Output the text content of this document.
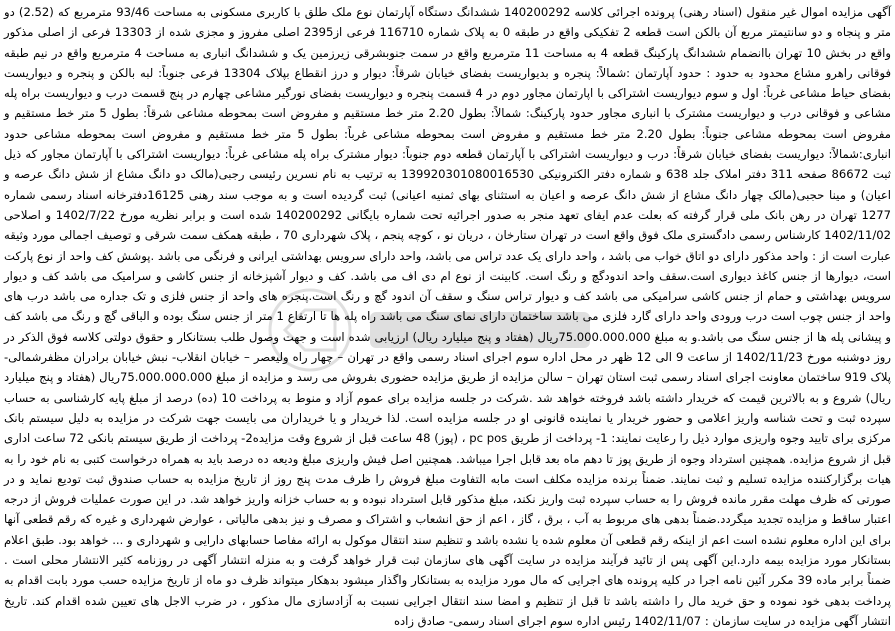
آگهی مزایده اموال غیر منقول (اسناد رهنی) پرونده اجرائی کلاسه 140200292 ششدانگ دستگاه آپارتمان نوع ملک طلق با کاربری مسکونی به مساحت 93/46 مترمربع که (2.52) دو متر و پنجاه و دو سانتیمتر مربع آن بالکن است قطعه 2 تفکیکی واقع در طبقه 0 به پلاک شماره 116710 فرعی از2395 اصلی مفروز و مجزی شده از 13303 فرعی از اصلی مذکور واقع در بخش 10 تهران باانضمام ششدانگ پارکینگ قطعه 4 به مساحت 11 مترمربع واقع در سمت جنوبشرقی زیرزمین یک و ششدانگ انباری به مساحت 4 مترمربع واقع در نیم طبقه فوقانی راهرو مشاع محدود به حدود : حدود آپارتمان :شمالاً: پنجره و بدیواریست بفضای خیابان شرقاً: دیوار و درز انقطاع بپلاک 13304 فرعی جنوباً: لبه بالکن و پنجره و دیواریست بفضای حیاط مشاعی غرباً: اول و سوم دیواریست اشتراکی با اپارتمان مجاور دوم در 4 قسمت پنجره و دیواریست بفضای نورگیر مشاعی چهارم در پنج قسمت درب و دیواریست براه پله مشاعی و فوقانی درب و دیواریست مشترک با انباری مجاور حدود پارکینگ: شمالاً: بطول 2.20 متر خط مستقیم و مفروض است بمحوطه مشاعی شرقاً: بطول 5 متر خط مستقیم و مفروض است بمحوطه مشاعی جنوباً: بطول 2.20 متر خط مستقیم و مفروض است بمحوطه مشاعی غرباً: بطول 5 متر خط مستقیم و مفروض است بمحوطه مشاعی حدود انباری:شمالاً: دیواریست بفضای خیابان شرقاً: درب و دیواریست اشتراکی با آپارتمان قطعه دوم جنوباً: دیوار مشترک براه پله مشاعی غرباً: دیواریست اشتراکی با آپارتمان مجاور که ذیل ثبت 86672 صفحه 311 دفتر املاک جلد 638 و شماره دفتر الکترونیکی 139920301080016530 به ترتیب به نام نسرین رئیسی رجبی(مالک دو دانگ مشاع از شش دانگ عرصه و اعیان) و مینا حجبی(مالک چهار دانگ مشاع از شش دانگ عرصه و اعیان به استثنای بهای ثمنیه اعیانی) ثبت گردیده است و به موجب سند رهنی 16125دفترخانه اسناد رسمی شماره 1277 تهران در رهن بانک ملی قرار گرفته که بعلت عدم ایفای تعهد منجر به صدور اجرائیه تحت شماره بایگانی 140200292 شده است و برابر نظریه مورخ 1402/7/22 و اصلاحی 1402/11/02 کارشناس رسمی دادگستری ملک فوق واقع است در تهران ستارخان ، دریان نو ، کوچه پنجم ، پلاک شهرداری 70 ، طبقه همکف سمت شرقی و توصیف اجمالی مورد وثیقه عبارت است از : واحد مذکور دارای دو اتاق خواب می باشد ، واحد دارای یک عدد تراس می باشد، واحد دارای سرویس بهداشتی ایرانی و فرنگی می باشد .پوشش کف واحد از نوع پارکت است، دیوارها از جنس کاغذ دیواری است.سقف واحد اندودگچ و رنگ است. کابینت از نوع ام دی اف می باشد. کف و دیوار آشپزخانه از جنس کاشی و سرامیک می باشد کف و دیوار سرویس بهداشتی و حمام از جنس کاشی سرامیکی می باشد کف و دیوار تراس سنگ و سقف آن اندود گچ و رنگ است.پنجره های واحد از جنس فلزی و تک جداره می باشد درب های واحد از جنس چوب است درب ورودی واحد دارای گارد فلزی می باشد ساختمان دارای نمای سنگ می باشد راه پله ها تا ارتفاع 1 متر از جنس سنگ بوده و الباقی گچ و رنگ می باشد کف و پیشانی پله ها از جنس سنگ می باشد.و به مبلغ 75.000.000.000ریال (هفتاد و پنج میلیارد ریال) ارزیابی شده است و جهت وصول طلب بستانکار و حقوق دولتی کلاسه فوق الذکر در روز دوشنبه مورخ 1402/11/23 از ساعت 9 الی 12 ظهر در محل اداره سوم اجرای اسناد رسمی واقع در تهران – چهار راه ولیعصر – خیابان انقلاب- نبش خیابان برادران مظفرشمالی- پلاک 919 ساختمان معاونت اجرای اسناد رسمی ثبت استان تهران – سالن مزایده از طریق مزایده حضوری بفروش می رسد و مزایده از مبلغ 75.000.000.000ریال (هفتاد و پنج میلیارد ریال) شروع و به بالاترین قیمت که خریدار داشته باشد فروخته خواهد شد .شرکت در جلسه مزایده برای عموم آزاد و منوط به پرداخت 10 (ده) درصد از مبلغ پایه کارشناسی به حساب سپرده ثبت و تحت شناسه واریز اعلامی و حضور خریدار یا نماینده قانونی او در جلسه مزایده است. لذا خریدار و یا خریداران می بایست جهت شرکت در مزایده به دلیل سیستم بانک مرکزی برای تایید وجوه واریزی موارد ذیل را رعایت نمایند: 1- پرداخت از طریق pc pos ، (پوز) 48 ساعت قبل از شروع وقت مزایده2- پرداخت از طریق سیستم بانکی 72 ساعت اداری قبل از شروع مزایده. همچنین استرداد وجوه از طریق پوز تا دهم ماه بعد قابل اجرا میباشد. همچنین اصل فیش واریزی مبلغ ودیعه ده درصد باید به همراه درخواست کتبی به نام خود را به هیات برگزارکننده مزایده تسلیم و ثبت نمایند. ضمناً برنده مزایده مکلف است مابه التفاوت مبلغ فروش را ظرف مدت پنج روز از تاریخ مزایده به حساب صندوق ثبت تودیع نماید و در صورتی که ظرف مهلت مقرر مانده فروش را به حساب سپرده ثبت واریز نکند، مبلغ مذکور قابل استرداد نبوده و به حساب خزانه واریز خواهد شد. در این صورت عملیات فروش از درجه اعتبار ساقط و مزایده تجدید میگردد.ضمناً بدهی های مربوط به آب ، برق ، گاز ، اعم از حق انشعاب و اشتراک و مصرف و نیز بدهی مالیاتی ، عوارض شهرداری و غیره که رقم قطعی آنها برای این اداره معلوم نشده است اعم از اینکه رقم قطعی آن معلوم شده یا نشده باشد و تنظیم سند انتقال موکول به ارائه مفاصا حسابهای دارایی و شهرداری و ... خواهد بود. طبق اعلام بستانکار مورد مزایده بیمه دارد.این آگهی پس از تائید فرآیند مزایده در سایت آگهی های سازمان ثبت قرار خواهد گرفت و به منزله انتشار آگهی در روزنامه کثیر الانتشار محلی است . ضمناً برابر ماده 39 مکرر آئین نامه اجرا در کلیه پرونده های اجرایی که مال مورد مزایده به بستانکار واگذار میشود بدهکار میتواند ظرف دو ماه از تاریخ مزایده حسب مورد بابت اقدام به پرداخت بدهی خود نموده و حق خرید مال را داشته باشد تا قبل از تنظیم و امضا سند انتقال اجرایی نسبت به آزادسازی مال مذکور ، در ضرب الاجل های تعیین شده اقدام کند. تاریخ انتشار آگهی مزایده در سایت سازمان : 1402/11/07 رئیس اداره سوم اجرای اسناد رسمی- صادق زاده
